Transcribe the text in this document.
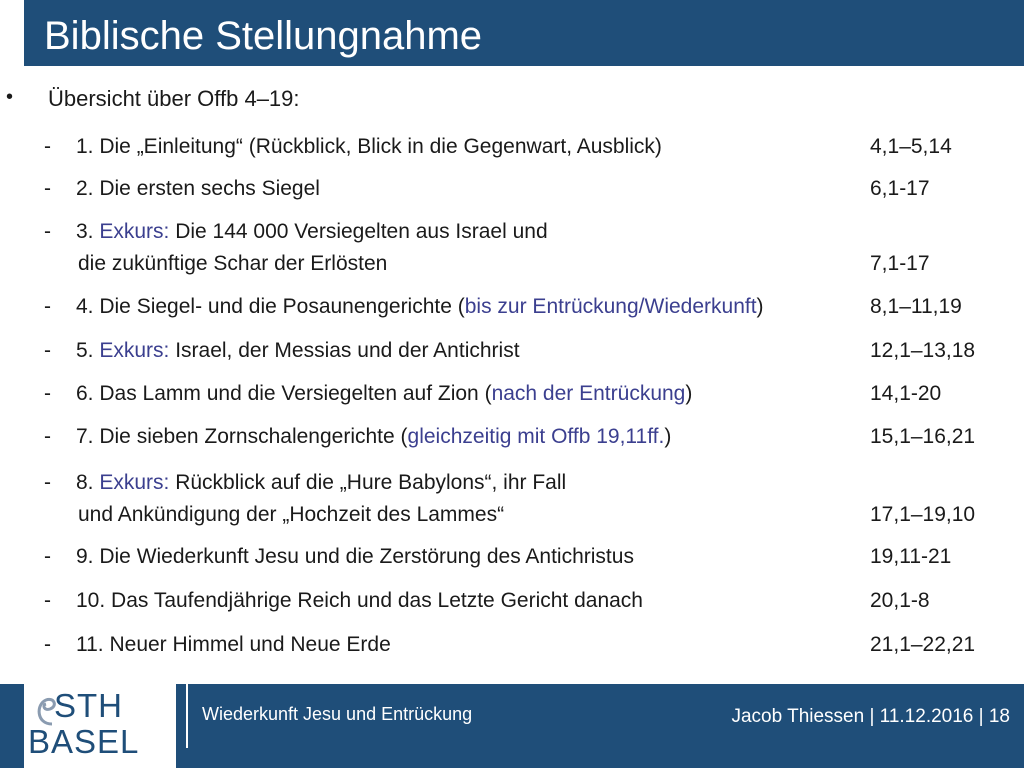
Biblische Stellungnahme
• Übersicht über Offb 4–19:
- 1. Die „Einleitung“ (Rückblick, Blick in die Gegenwart, Ausblick)	4,1–5,14
- 2. Die ersten sechs Siegel	6,1-17
- 3. Exkurs: Die 144 000 Versiegelten aus Israel und
die zukünftige Schar der Erlösten	7,1-17
- 4. Die Siegel- und die Posaunengerichte (bis zur Entrückung/Wiederkunft)	8,1–11,19
- 5. Exkurs: Israel, der Messias und der Antichrist	12,1–13,18
- 6. Das Lamm und die Versiegelten auf Zion (nach der Entrückung)	14,1-20
- 7. Die sieben Zornschalengerichte (gleichzeitig mit Offb 19,11ff.)	15,1–16,21
- 8. Exkurs: Rückblick auf die „Hure Babylons“, ihr Fall
und Ankündigung der „Hochzeit des Lammes“	17,1–19,10
- 9. Die Wiederkunft Jesu und die Zerstörung des Antichristus	19,11-21
- 10. Das Taufendjährige Reich und das Letzte Gericht danach	20,1-8
- 11. Neuer Himmel und Neue Erde	21,1–22,21
STH
BASEL
Wiederkunft Jesu und Entrückung	Jacob Thiessen | 11.12.2016 | 18
